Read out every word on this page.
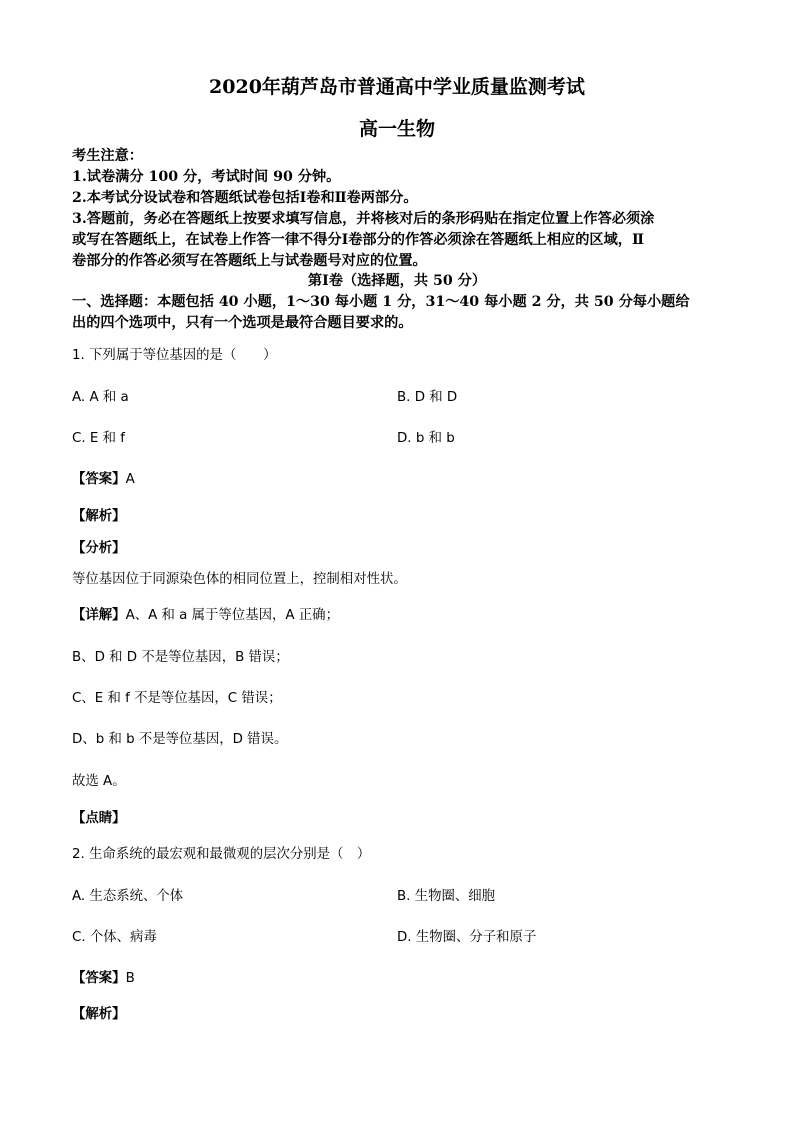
2020年葫芦岛市普通高中学业质量监测考试
高一生物
考生注意：
1.试卷满分 100 分，考试时间 90 分钟。
2.本考试分设试卷和答题纸试卷包括Ⅰ卷和Ⅱ卷两部分。
3.答题前，务必在答题纸上按要求填写信息，并将核对后的条形码贴在指定位置上作答必须涂
或写在答题纸上，在试卷上作答一律不得分Ⅰ卷部分的作答必须涂在答题纸上相应的区域，Ⅱ
卷部分的作答必须写在答题纸上与试卷题号对应的位置。
第Ⅰ卷（选择题，共 50 分）
一、选择题：本题包括 40 小题，1～30 每小题 1 分，31～40 每小题 2 分，共 50 分每小题给
出的四个选项中，只有一个选项是最符合题目要求的。
1. 下列属于等位基因的是（　　）
A. A 和 a	B. D 和 D
C. E 和 f	D. b 和 b
【答案】A
【解析】
【分析】
等位基因位于同源染色体的相同位置上，控制相对性状。
【详解】A、A 和 a 属于等位基因，A 正确；
B、D 和 D 不是等位基因，B 错误；
C、E 和 f 不是等位基因，C 错误；
D、b 和 b 不是等位基因，D 错误。
故选 A。
【点睛】
2. 生命系统的最宏观和最微观的层次分别是（　）
A. 生态系统、个体	B. 生物圈、细胞
C. 个体、病毒	D. 生物圈、分子和原子
【答案】B
【解析】
